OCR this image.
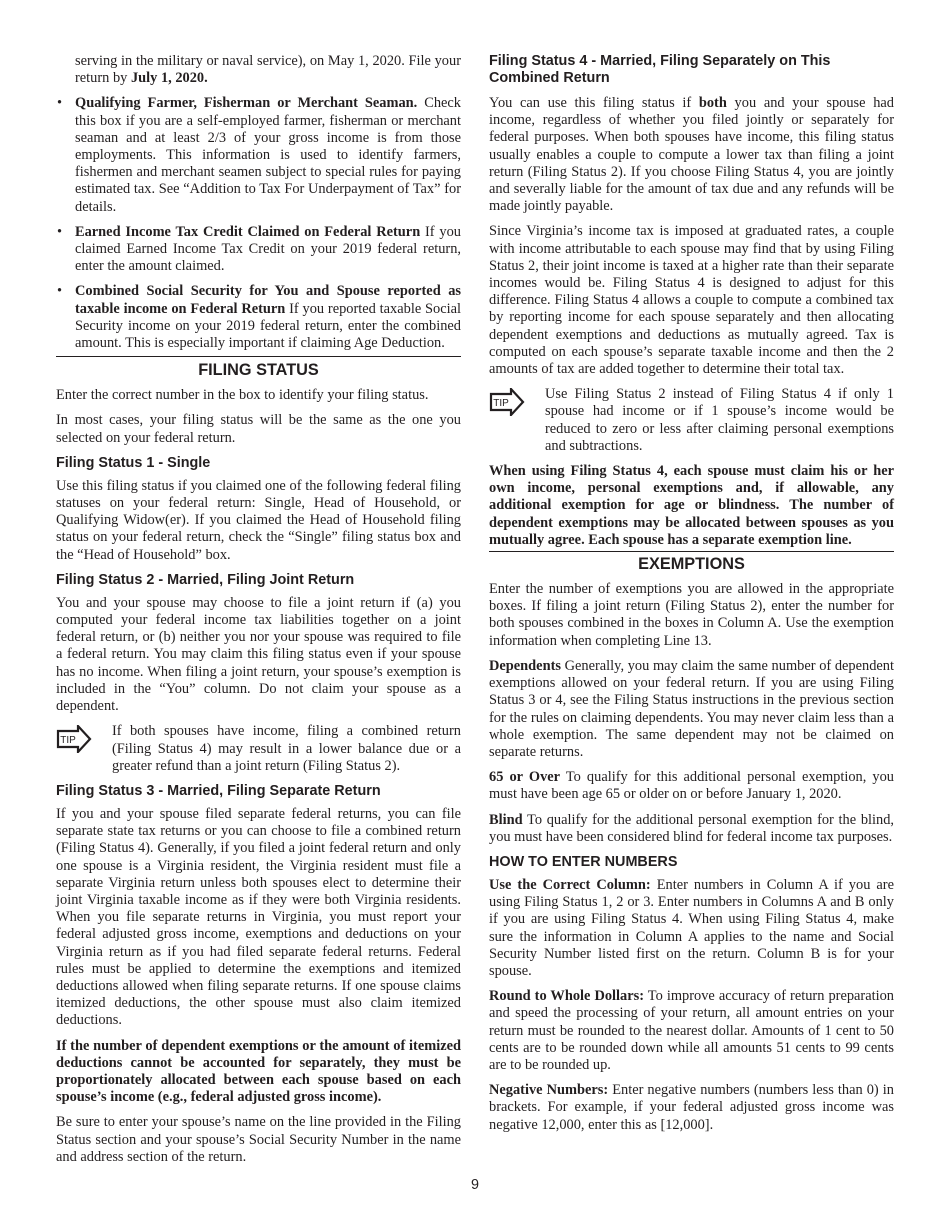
serving in the military or naval service), on May 1, 2020. File your return by July 1, 2020.

• Qualifying Farmer, Fisherman or Merchant Seaman. Check this box if you are a self-employed farmer, fisherman or merchant seaman and at least 2/3 of your gross income is from those employments. This information is used to identify farmers, fishermen and merchant seamen subject to special rules for paying estimated tax. See “Addition to Tax For Underpayment of Tax” for details.
• Earned Income Tax Credit Claimed on Federal Return If you claimed Earned Income Tax Credit on your 2019 federal return, enter the amount claimed.
• Combined Social Security for You and Spouse reported as taxable income on Federal Return If you reported taxable Social Security income on your 2019 federal return, enter the combined amount. This is especially important if claiming Age Deduction.
FILING STATUS

Enter the correct number in the box to identify your filing status.

In most cases, your filing status will be the same as the one you selected on your federal return.

Filing Status 1 - Single

Use this filing status if you claimed one of the following federal filing statuses on your federal return: Single, Head of Household, or Qualifying Widow(er). If you claimed the Head of Household filing status on your federal return, check the “Single” filing status box and the “Head of Household” box.

Filing Status 2 - Married, Filing Joint Return

You and your spouse may choose to file a joint return if (a) you computed your federal income tax liabilities together on a joint federal return, or (b) neither you nor your spouse was required to file a federal return. You may claim this filing status even if your spouse has no income. When filing a joint return, your spouse’s exemption is included in the “You” column. Do not claim your spouse as a dependent.

TIP
If both spouses have income, filing a combined return (Filing Status 4) may result in a lower balance due or a greater refund than a joint return (Filing Status 2).
Filing Status 3 - Married, Filing Separate Return

If you and your spouse filed separate federal returns, you can file separate state tax returns or you can choose to file a combined return (Filing Status 4). Generally, if you filed a joint federal return and only one spouse is a Virginia resident, the Virginia resident must file a separate Virginia return unless both spouses elect to determine their joint Virginia taxable income as if they were both Virginia residents. When you file separate returns in Virginia, you must report your federal adjusted gross income, exemptions and deductions on your Virginia return as if you had filed separate federal returns. Federal rules must be applied to determine the exemptions and itemized deductions allowed when filing separate returns. If one spouse claims itemized deductions, the other spouse must also claim itemized deductions.

If the number of dependent exemptions or the amount of itemized deductions cannot be accounted for separately, they must be proportionately allocated between each spouse based on each spouse’s income (e.g., federal adjusted gross income).

Be sure to enter your spouse’s name on the line provided in the Filing Status section and your spouse’s Social Security Number in the name and address section of the return.

Filing Status 4 - Married, Filing Separately on This Combined Return

You can use this filing status if both you and your spouse had income, regardless of whether you filed jointly or separately for federal purposes. When both spouses have income, this filing status usually enables a couple to compute a lower tax than filing a joint return (Filing Status 2). If you choose Filing Status 4, you are jointly and severally liable for the amount of tax due and any refunds will be made jointly payable.

Since Virginia’s income tax is imposed at graduated rates, a couple with income attributable to each spouse may find that by using Filing Status 2, their joint income is taxed at a higher rate than their separate incomes would be. Filing Status 4 is designed to adjust for this difference. Filing Status 4 allows a couple to compute a combined tax by reporting income for each spouse separately and then allocating dependent exemptions and deductions as mutually agreed. Tax is computed on each spouse’s separate taxable income and then the 2 amounts of tax are added together to determine their total tax.

TIP
Use Filing Status 2 instead of Filing Status 4 if only 1 spouse had income or if 1 spouse’s income would be reduced to zero or less after claiming personal exemptions and subtractions.

When using Filing Status 4, each spouse must claim his or her own income, personal exemptions and, if allowable, any additional exemption for age or blindness. The number of dependent exemptions may be allocated between spouses as you mutually agree. Each spouse has a separate exemption line.

EXEMPTIONS

Enter the number of exemptions you are allowed in the appropriate boxes. If filing a joint return (Filing Status 2), enter the number for both spouses combined in the boxes in Column A. Use the exemption information when completing Line 13.

Dependents Generally, you may claim the same number of dependent exemptions allowed on your federal return. If you are using Filing Status 3 or 4, see the Filing Status instructions in the previous section for the rules on claiming dependents. You may never claim less than a whole exemption. The same dependent may not be claimed on separate returns.

65 or Over To qualify for this additional personal exemption, you must have been age 65 or older on or before January 1, 2020.

Blind To qualify for the additional personal exemption for the blind, you must have been considered blind for federal income tax purposes.

HOW TO ENTER NUMBERS

Use the Correct Column: Enter numbers in Column A if you are using Filing Status 1, 2 or 3. Enter numbers in Columns A and B only if you are using Filing Status 4. When using Filing Status 4, make sure the information in Column A applies to the name and Social Security Number listed first on the return. Column B is for your spouse.

Round to Whole Dollars: To improve accuracy of return preparation and speed the processing of your return, all amount entries on your return must be rounded to the nearest dollar. Amounts of 1 cent to 50 cents are to be rounded down while all amounts 51 cents to 99 cents are to be rounded up.

Negative Numbers: Enter negative numbers (numbers less than 0) in brackets. For example, if your federal adjusted gross income was negative 12,000, enter this as [12,000].

9
